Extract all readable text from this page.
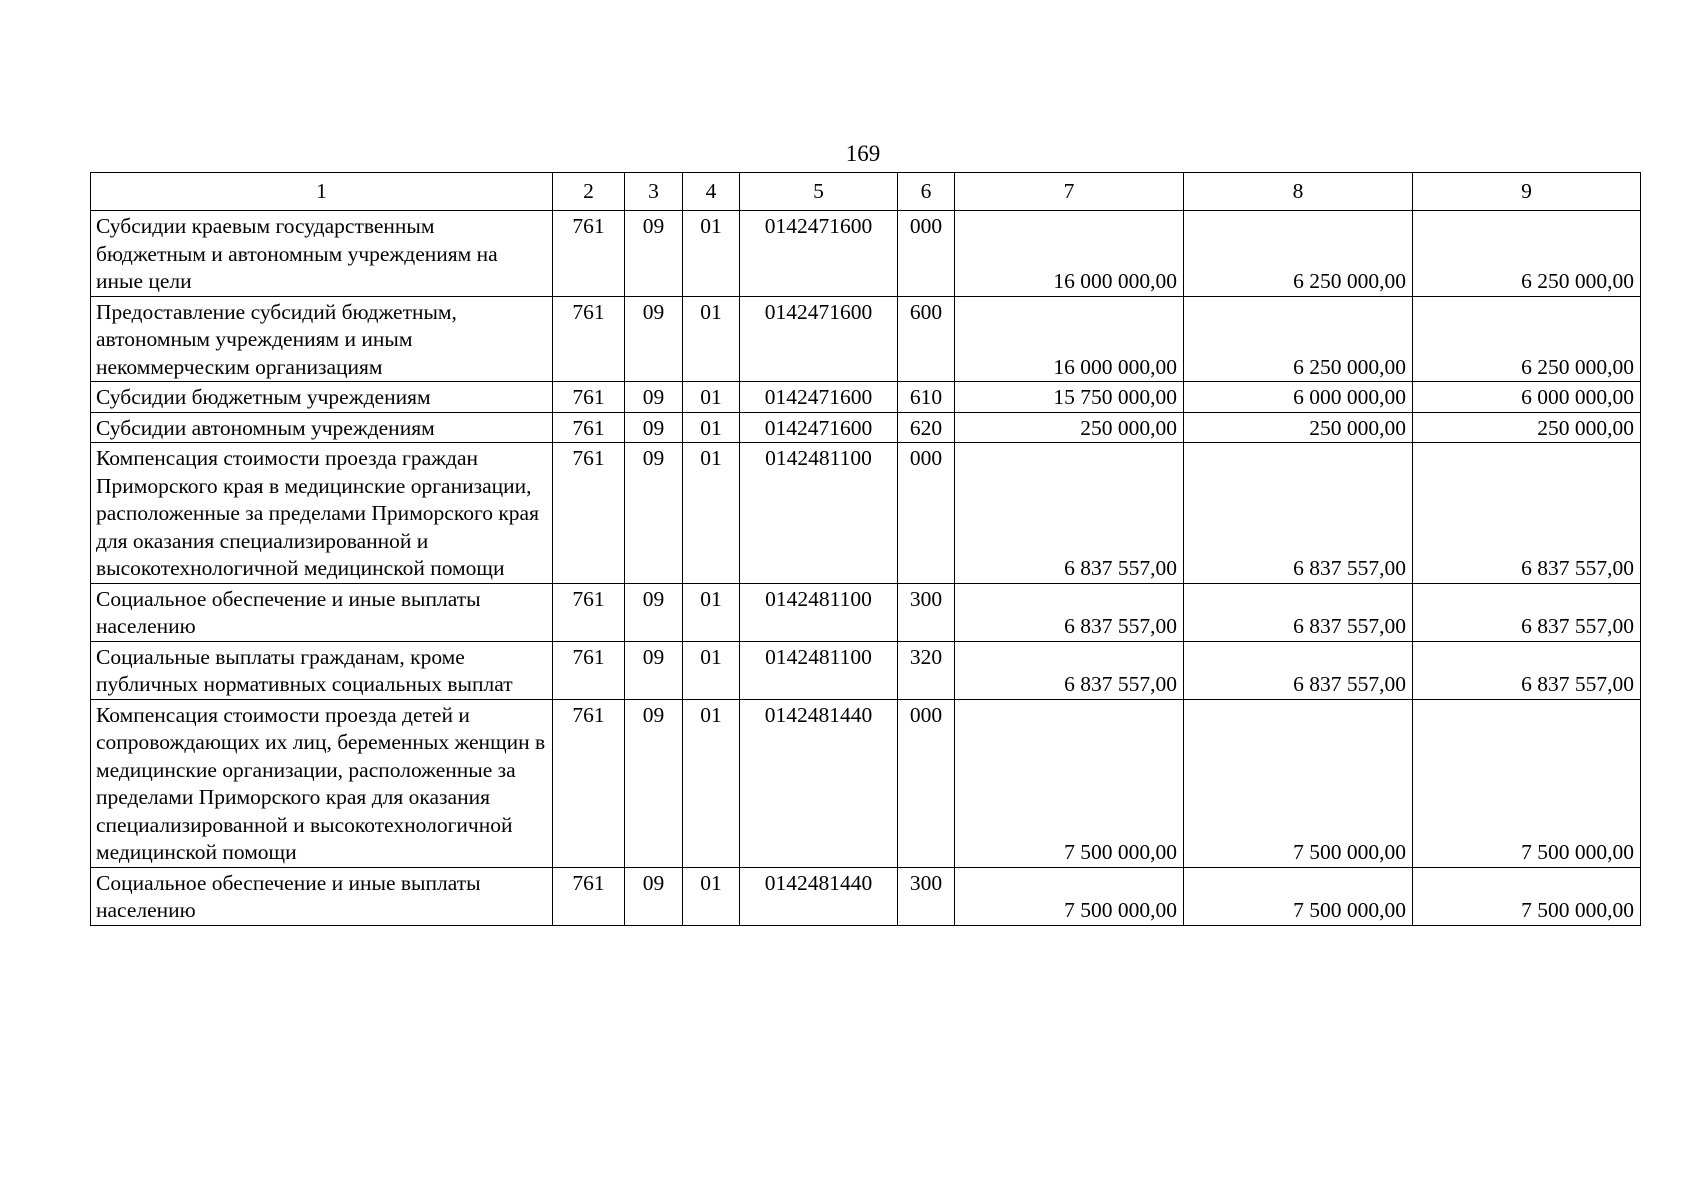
169
1	2	3	4	5	6	7	8	9
Субсидии краевым государственным бюджетным и автономным учреждениям на иные цели	761	09	01	0142471600	000	16 000 000,00	6 250 000,00	6 250 000,00
Предоставление субсидий бюджетным, автономным учреждениям и иным некоммерческим организациям	761	09	01	0142471600	600	16 000 000,00	6 250 000,00	6 250 000,00
Субсидии бюджетным учреждениям	761	09	01	0142471600	610	15 750 000,00	6 000 000,00	6 000 000,00
Субсидии автономным учреждениям	761	09	01	0142471600	620	250 000,00	250 000,00	250 000,00
Компенсация стоимости проезда граждан Приморского края в медицинские организации, расположенные за пределами Приморского края для оказания специализированной и высокотехнологичной медицинской помощи	761	09	01	0142481100	000	6 837 557,00	6 837 557,00	6 837 557,00
Социальное обеспечение и иные выплаты населению	761	09	01	0142481100	300	6 837 557,00	6 837 557,00	6 837 557,00
Социальные выплаты гражданам, кроме публичных нормативных социальных выплат	761	09	01	0142481100	320	6 837 557,00	6 837 557,00	6 837 557,00
Компенсация стоимости проезда детей и сопровождающих их лиц, беременных женщин в медицинские организации, расположенные за пределами Приморского края для оказания специализированной и высокотехнологичной медицинской помощи	761	09	01	0142481440	000	7 500 000,00	7 500 000,00	7 500 000,00
Социальное обеспечение и иные выплаты населению	761	09	01	0142481440	300	7 500 000,00	7 500 000,00	7 500 000,00
